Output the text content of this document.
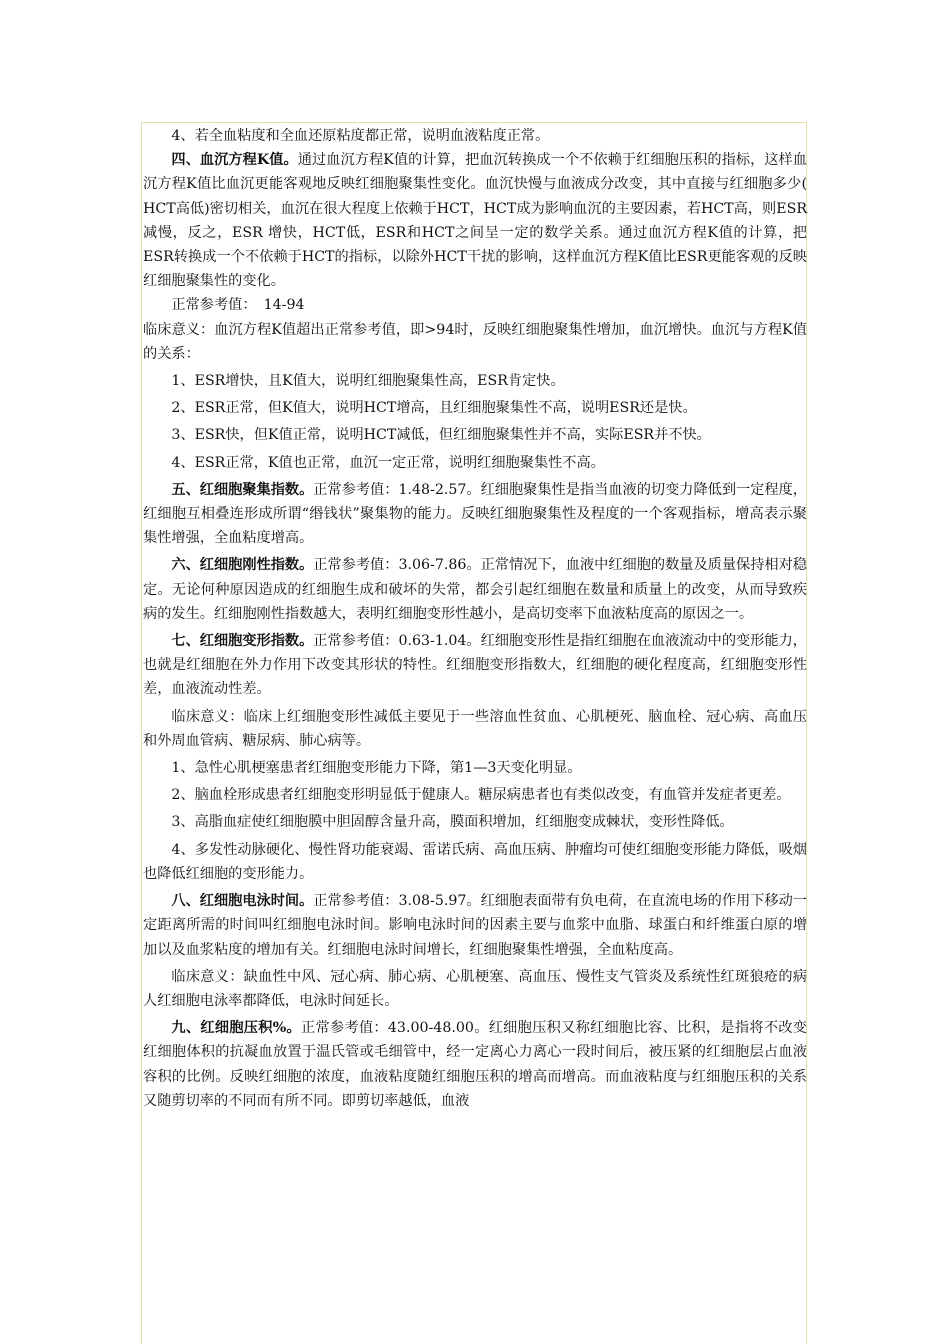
4、若全血粘度和全血还原粘度都正常，说明血液粘度正常。

四、血沉方程K值。通过血沉方程K值的计算，把血沉转换成一个不依赖于红细胞压积的指标，这样血沉方程K值比血沉更能客观地反映红细胞聚集性变化。血沉快慢与血液成分改变，其中直接与红细胞多少( HCT高低)密切相关，血沉在很大程度上依赖于HCT，HCT成为影响血沉的主要因素，若HCT高，则ESR减慢，反之，ESR 增快，HCT低，ESR和HCT之间呈一定的数学关系。通过血沉方程K值的计算，把ESR转换成一个不依赖于HCT的指标，以除外HCT干扰的影响，这样血沉方程K值比ESR更能客观的反映红细胞聚集性的变化。

正常参考值：　14-94

临床意义：血沉方程K值超出正常参考值，即>94时，反映红细胞聚集性增加，血沉增快。血沉与方程K值的关系：

1、ESR增快，且K值大，说明红细胞聚集性高，ESR肯定快。

2、ESR正常，但K值大，说明HCT增高，且红细胞聚集性不高，说明ESR还是快。

3、ESR快，但K值正常，说明HCT减低，但红细胞聚集性并不高，实际ESR并不快。

4、ESR正常，K值也正常，血沉一定正常，说明红细胞聚集性不高。

五、红细胞聚集指数。正常参考值：1.48-2.57。红细胞聚集性是指当血液的切变力降低到一定程度，红细胞互相叠连形成所谓“缗钱状”聚集物的能力。反映红细胞聚集性及程度的一个客观指标，增高表示聚集性增强，全血粘度增高。

六、红细胞刚性指数。正常参考值：3.06-7.86。正常情况下，血液中红细胞的数量及质量保持相对稳定。无论何种原因造成的红细胞生成和破坏的失常，都会引起红细胞在数量和质量上的改变，从而导致疾病的发生。红细胞刚性指数越大，表明红细胞变形性越小，是高切变率下血液粘度高的原因之一。

七、红细胞变形指数。正常参考值：0.63-1.04。红细胞变形性是指红细胞在血液流动中的变形能力，也就是红细胞在外力作用下改变其形状的特性。红细胞变形指数大，红细胞的硬化程度高，红细胞变形性差，血液流动性差。

临床意义：临床上红细胞变形性减低主要见于一些溶血性贫血、心肌梗死、脑血栓、冠心病、高血压和外周血管病、糖尿病、肺心病等。

1、急性心肌梗塞患者红细胞变形能力下降，第1—3天变化明显。

2、脑血栓形成患者红细胞变形明显低于健康人。糖尿病患者也有类似改变，有血管并发症者更差。

3、高脂血症使红细胞膜中胆固醇含量升高，膜面积增加，红细胞变成棘状，变形性降低。

4、多发性动脉硬化、慢性肾功能衰竭、雷诺氏病、高血压病、肿瘤均可使红细胞变形能力降低，吸烟也降低红细胞的变形能力。

八、红细胞电泳时间。正常参考值：3.08-5.97。红细胞表面带有负电荷，在直流电场的作用下移动一定距离所需的时间叫红细胞电泳时间。影响电泳时间的因素主要与血浆中血脂、球蛋白和纤维蛋白原的增加以及血浆粘度的增加有关。红细胞电泳时间增长，红细胞聚集性增强，全血粘度高。

临床意义：缺血性中风、冠心病、肺心病、心肌梗塞、高血压、慢性支气管炎及系统性红斑狼疮的病人红细胞电泳率都降低，电泳时间延长。

九、红细胞压积%。正常参考值：43.00-48.00。红细胞压积又称红细胞比容、比积，是指将不改变红细胞体积的抗凝血放置于温氏管或毛细管中，经一定离心力离心一段时间后，被压紧的红细胞层占血液容积的比例。反映红细胞的浓度，血液粘度随红细胞压积的增高而增高。而血液粘度与红细胞压积的关系又随剪切率的不同而有所不同。即剪切率越低，血液
